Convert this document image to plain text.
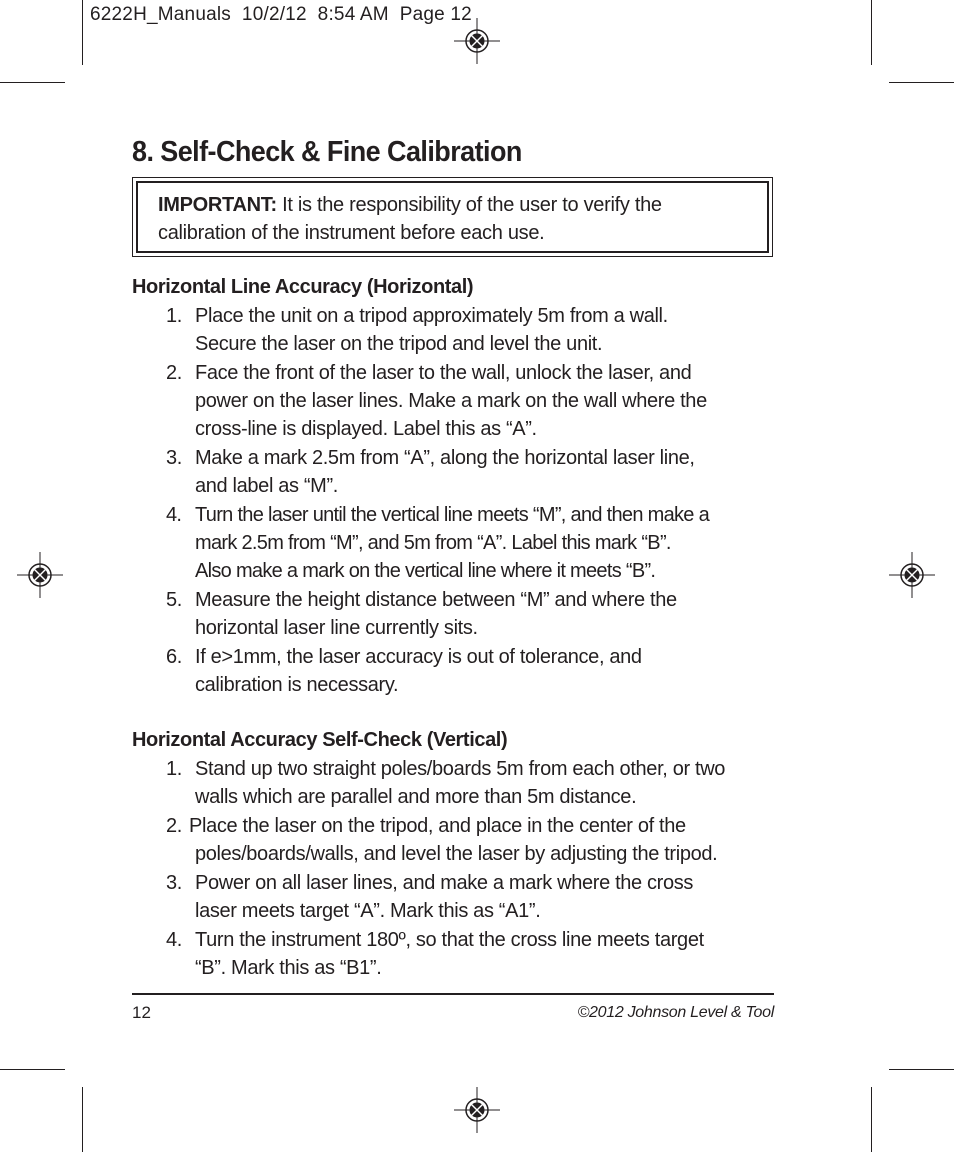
6222H_Manuals  10/2/12  8:54 AM  Page 12
8. Self-Check & Fine Calibration
IMPORTANT: It is the responsibility of the user to verify the
calibration of the instrument before each use.
Horizontal Line Accuracy (Horizontal)
1. Place the unit on a tripod approximately 5m from a wall.
Secure the laser on the tripod and level the unit.
2. Face the front of the laser to the wall, unlock the laser, and
power on the laser lines. Make a mark on the wall where the
cross-line is displayed. Label this as “A”.
3. Make a mark 2.5m from “A”, along the horizontal laser line,
and label as “M”.
4. Turn the laser until the vertical line meets “M”, and then make a
mark 2.5m from “M”, and 5m from “A”. Label this mark “B”.
Also make a mark on the vertical line where it meets “B”.
5. Measure the height distance between “M” and where the
horizontal laser line currently sits.
6. If e>1mm, the laser accuracy is out of tolerance, and
calibration is necessary.
Horizontal Accuracy Self-Check (Vertical)
1. Stand up two straight poles/boards 5m from each other, or two
walls which are parallel and more than 5m distance.
2. Place the laser on the tripod, and place in the center of the
poles/boards/walls, and level the laser by adjusting the tripod.
3. Power on all laser lines, and make a mark where the cross
laser meets target “A”. Mark this as “A1”.
4. Turn the instrument 180º, so that the cross line meets target
“B”. Mark this as “B1”.
12	©2012 Johnson Level & Tool
